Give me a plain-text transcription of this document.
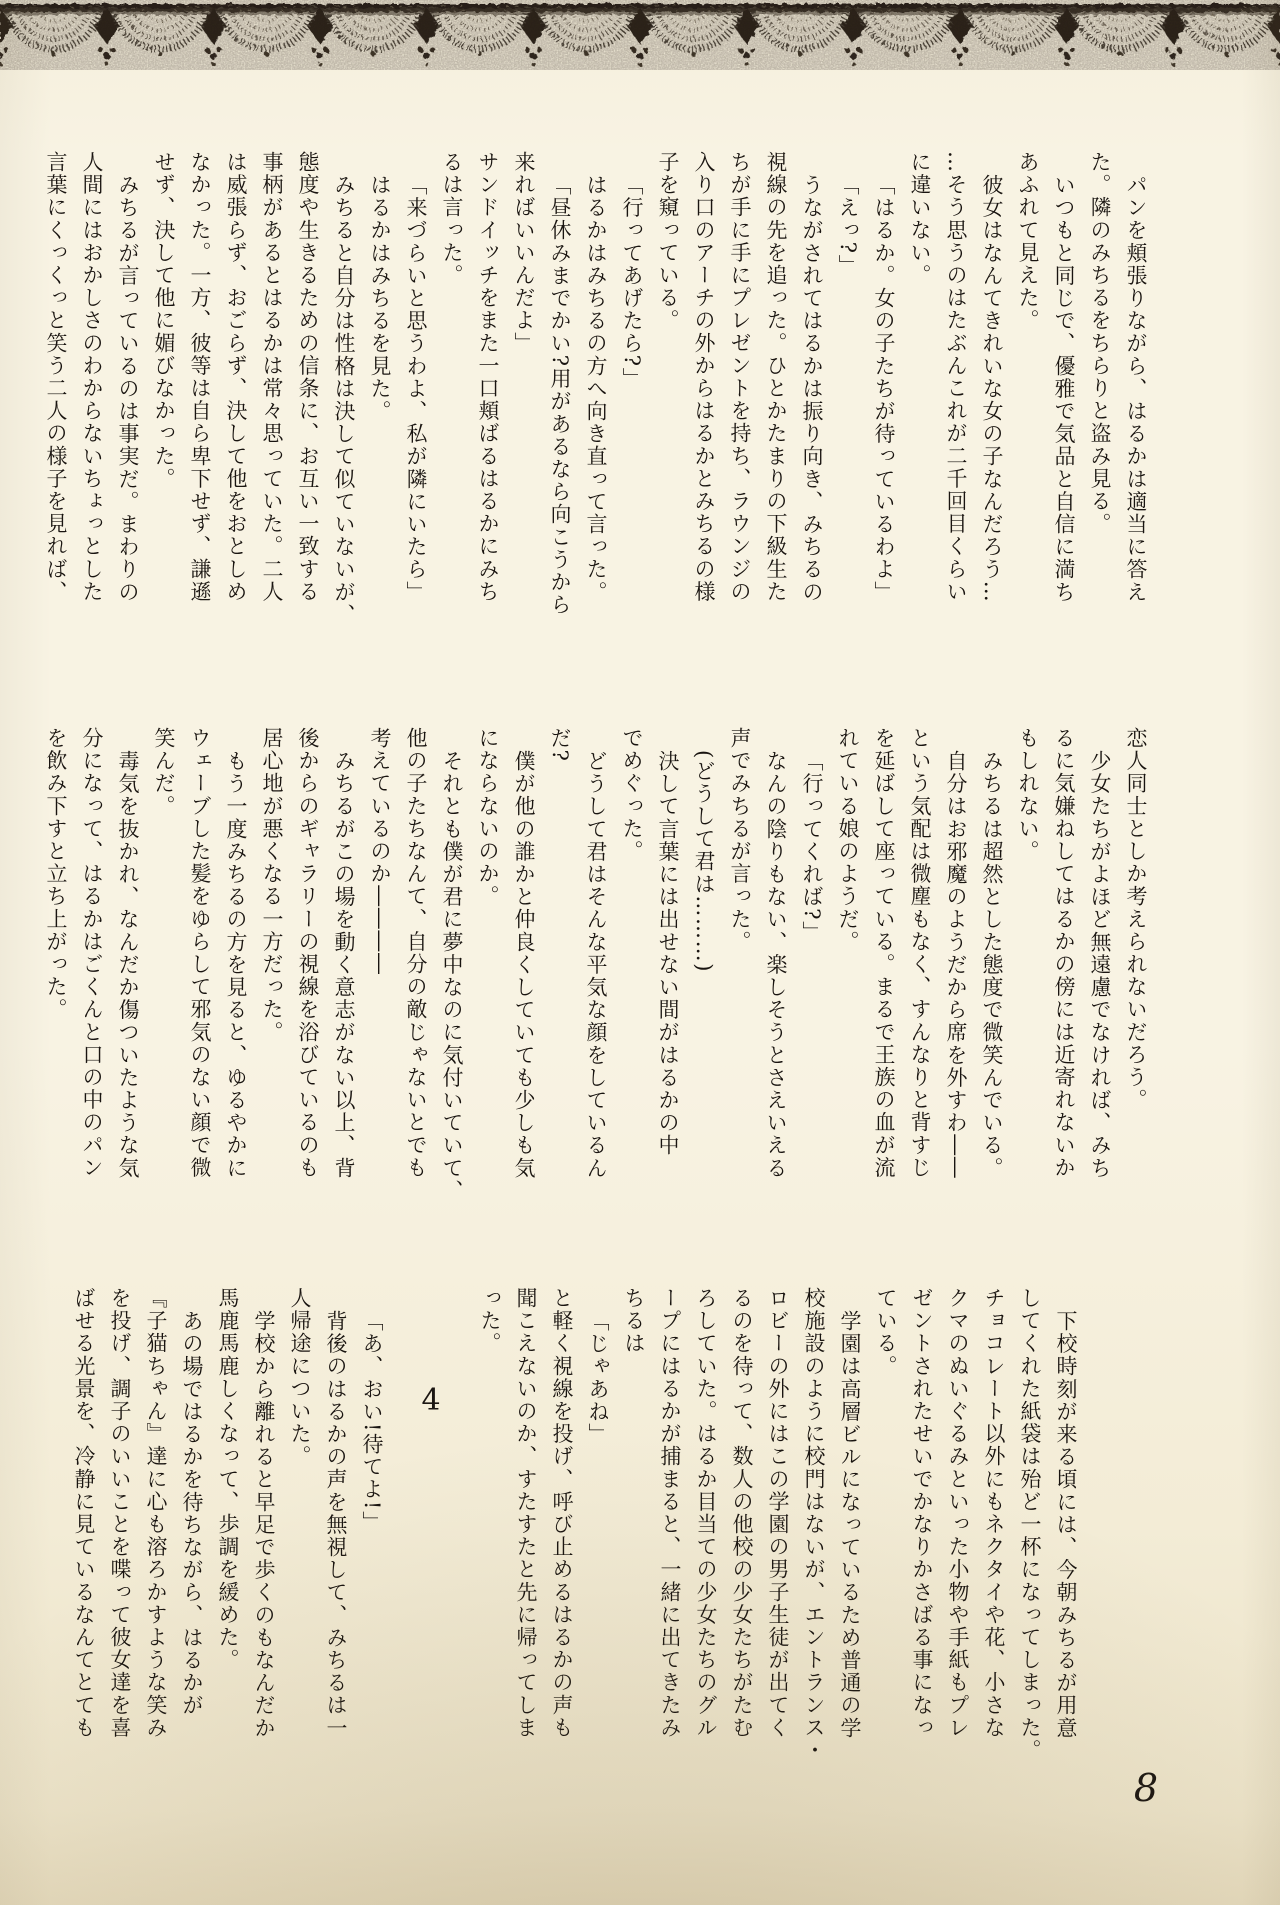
パンを頬張りながら、はるかは適当に答え
た。隣のみちるをちらりと盗み見る。
いつもと同じで、優雅で気品と自信に満ち
あふれて見えた。
彼女はなんてきれいな女の子なんだろう…
…そう思うのはたぶんこれが二千回目くらい
に違いない。
「はるか。女の子たちが待っているわよ」
「えっ?」
うながされてはるかは振り向き、みちるの
視線の先を追った。ひとかたまりの下級生た
ちが手に手にプレゼントを持ち、ラウンジの
入り口のアーチの外からはるかとみちるの様
子を窺っている。
「行ってあげたら?」
はるかはみちるの方へ向き直って言った。
「昼休みまでかい?用があるなら向こうから
来ればいいんだよ」
サンドイッチをまた一口頬ばるはるかにみち
るは言った。
「来づらいと思うわよ、私が隣にいたら」
はるかはみちるを見た。
みちると自分は性格は決して似ていないが、
態度や生きるための信条に、お互い一致する
事柄があるとはるかは常々思っていた。二人
は威張らず、おごらず、決して他をおとしめ
なかった。一方、彼等は自ら卑下せず、謙遜
せず、決して他に媚びなかった。
みちるが言っているのは事実だ。まわりの
人間にはおかしさのわからないちょっとした
言葉にくっくっと笑う二人の様子を見れば、
恋人同士としか考えられないだろう。
少女たちがよほど無遠慮でなければ、みち
るに気嫌ねしてはるかの傍には近寄れないか
もしれない。
みちるは超然とした態度で微笑んでいる。
自分はお邪魔のようだから席を外すわ――
という気配は微塵もなく、すんなりと背すじ
を延ばして座っている。まるで王族の血が流
れている娘のようだ。
「行ってくれば?」
なんの陰りもない、楽しそうとさえいえる
声でみちるが言った。
(どうして君は………)
決して言葉には出せない間がはるかの中
でめぐった。
どうして君はそんな平気な顔をしているん
だ?
僕が他の誰かと仲良くしていても少しも気
にならないのか。
それとも僕が君に夢中なのに気付いていて、
他の子たちなんて、自分の敵じゃないとでも
考えているのか――――
みちるがこの場を動く意志がない以上、背
後からのギャラリーの視線を浴びているのも
居心地が悪くなる一方だった。
もう一度みちるの方を見ると、ゆるやかに
ウェーブした髪をゆらして邪気のない顔で微
笑んだ。
毒気を抜かれ、なんだか傷ついたような気
分になって、はるかはごくんと口の中のパン
を飲み下すと立ち上がった。
下校時刻が来る頃には、今朝みちるが用意
してくれた紙袋は殆ど一杯になってしまった。
チョコレート以外にもネクタイや花、小さな
クマのぬいぐるみといった小物や手紙もプレ
ゼントされたせいでかなりかさばる事になっ
ている。
学園は高層ビルになっているため普通の学
校施設のように校門はないが、エントランス・
ロビーの外にはこの学園の男子生徒が出てく
るのを待って、数人の他校の少女たちがたむ
ろしていた。はるか目当ての少女たちのグル
ープにはるかが捕まると、一緒に出てきたみ
ちるは
「じゃあね」
と軽く視線を投げ、呼び止めるはるかの声も
聞こえないのか、すたすたと先に帰ってしま
った。
4
「あ、おい!待てよ!」
背後のはるかの声を無視して、みちるは一
人帰途についた。
学校から離れると早足で歩くのもなんだか
馬鹿馬鹿しくなって、歩調を緩めた。
あの場ではるかを待ちながら、はるかが
『子猫ちゃん』達に心も溶ろかすような笑み
を投げ、調子のいいことを喋って彼女達を喜
ばせる光景を、冷静に見ているなんてとても
8
